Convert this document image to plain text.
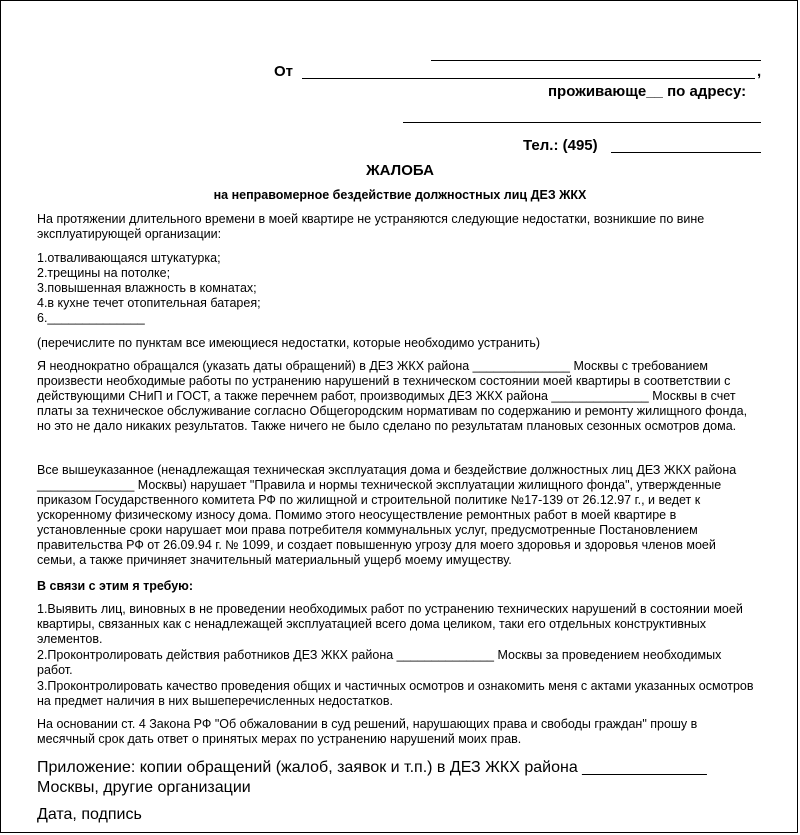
От	,
проживающе__ по адресу:
Тел.: (495)
ЖАЛОБА
на неправомерное бездействие должностных лиц ДЕЗ ЖКХ
На протяжении длительного времени в моей квартире не устраняются следующие недостатки, возникшие по вине эксплуатирующей организации:
1.отваливающаяся штукатурка;
2.трещины на потолке;
3.повышенная влажность в комнатах;
4.в кухне течет отопительная батарея;
6.______________
(перечислите по пунктам все имеющиеся недостатки, которые необходимо устранить)
Я неоднократно обращался (указать даты обращений) в ДЕЗ ЖКХ района ______________ Москвы с требованием произвести необходимые работы по устранению нарушений в техническом состоянии моей квартиры в соответствии с действующими СНиП и ГОСТ, а также перечнем работ, производимых ДЕЗ ЖКХ района ______________ Москвы в счет платы за техническое обслуживание согласно Общегородским нормативам по содержанию и ремонту жилищного фонда, но это не дало никаких результатов. Также ничего не было сделано по результатам плановых сезонных осмотров дома.
Все вышеуказанное (ненадлежащая техническая эксплуатация дома и бездействие должностных лиц ДЕЗ ЖКХ района ______________ Москвы) нарушает "Правила и нормы технической эксплуатации жилищного фонда", утвержденные приказом Государственного комитета РФ по жилищной и строительной политике №17-139 от 26.12.97 г., и ведет к ускоренному физическому износу дома. Помимо этого неосуществление ремонтных работ в моей квартире в установленные сроки нарушает мои права потребителя коммунальных услуг, предусмотренные Постановлением правительства РФ от 26.09.94 г. № 1099, и создает повышенную угрозу для моего здоровья и здоровья членов моей семьи, а также причиняет значительный материальный ущерб моему имуществу.
В связи с этим я требую:
1.Выявить лиц, виновных в не проведении необходимых работ по устранению технических нарушений в состоянии моей квартиры, связанных как с ненадлежащей эксплуатацией всего дома целиком, таки его отдельных конструктивных элементов.
2.Проконтролировать действия работников ДЕЗ ЖКХ района ______________ Москвы за проведением необходимых работ.
3.Проконтролировать качество проведения общих и частичных осмотров и ознакомить меня с актами указанных осмотров на предмет наличия в них вышеперечисленных недостатков.
На основании ст. 4 Закона РФ "Об обжаловании в суд решений, нарушающих права и свободы граждан" прошу в месячный срок дать ответ о принятых мерах по устранению нарушений моих прав.
Приложение: копии обращений (жалоб, заявок и т.п.) в ДЕЗ ЖКХ района ______________
Москвы, другие организации
Дата, подпись
